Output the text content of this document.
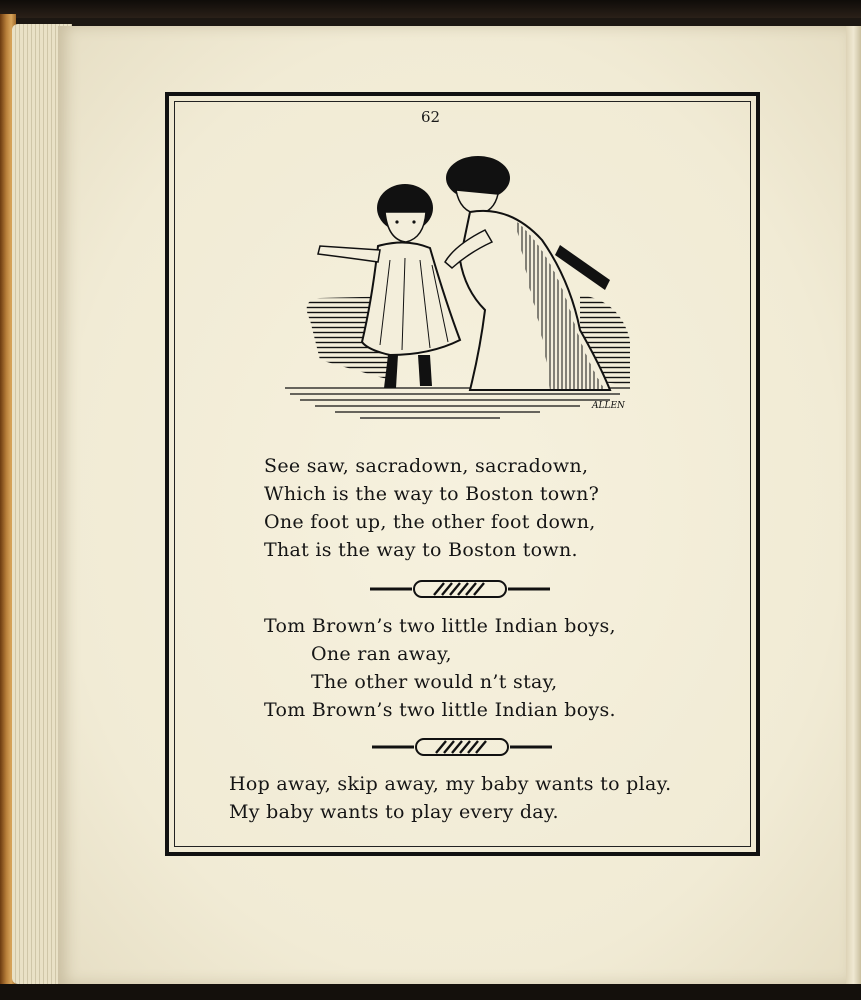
62
ALLEN
See saw, sacradown, sacradown,
Which is the way to Boston town?
One foot up, the other foot down,
That is the way to Boston town.
Tom Brown’s two little Indian boys,
One ran away,
The other would n’t stay,
Tom Brown’s two little Indian boys.
Hop away, skip away, my baby wants to play.
My baby wants to play every day.
